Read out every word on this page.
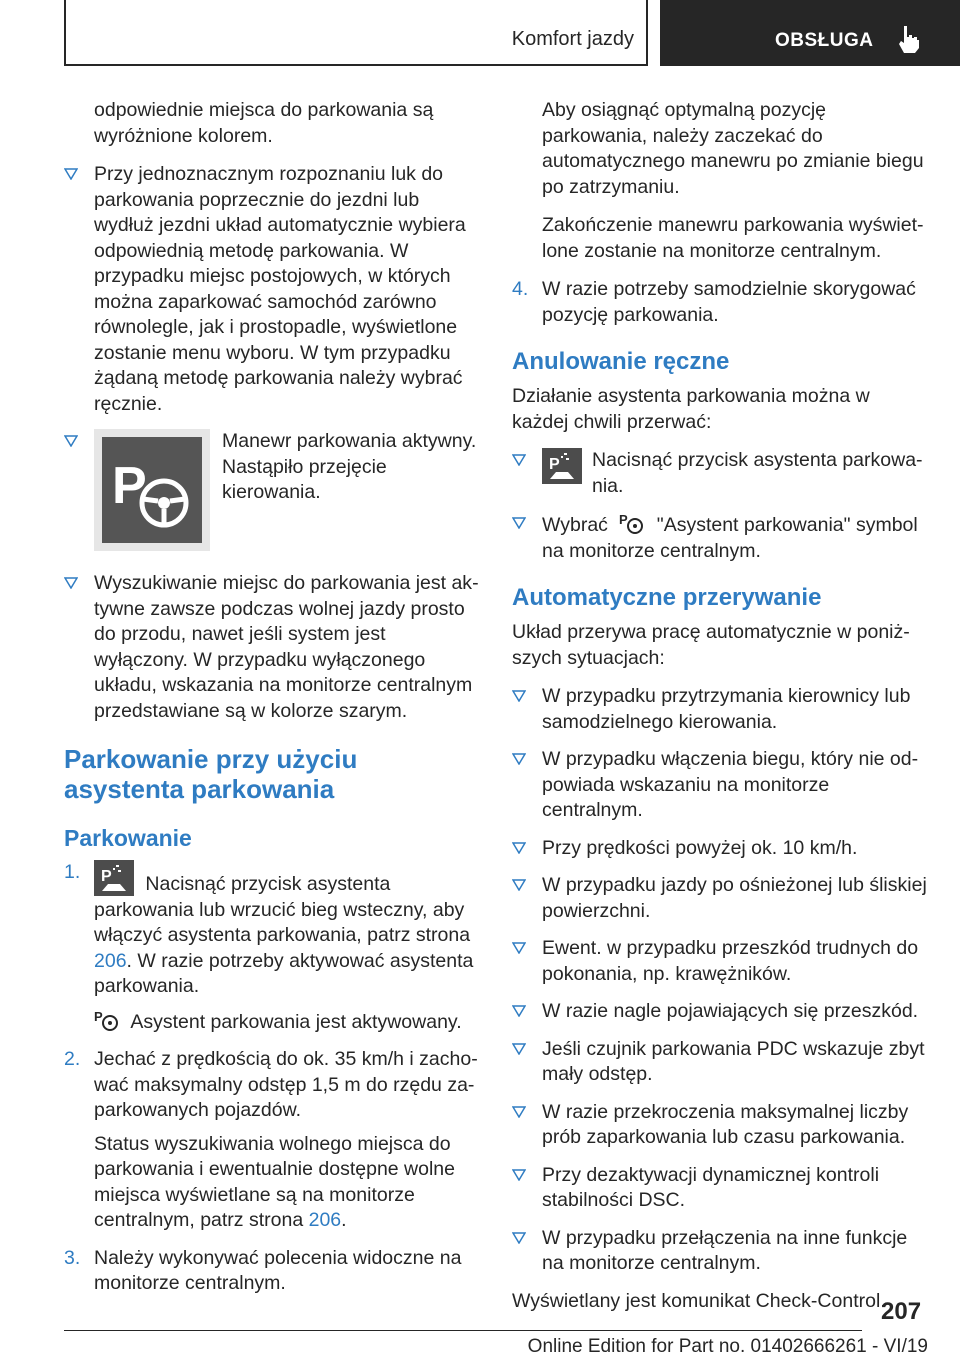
Komfort jazdy	OBSŁUGA

odpowiednie miejsca do parkowania są wyróżnione kolorem.

Przy jednoznacznym rozpoznaniu luk do parkowania poprzecznie do jezdni lub wydłuż jezdni układ automatycznie wybiera odpowiednią metodę parkowania. W przypadku miejsc postojowych, w których można zaparkować samochód zarówno równolegle, jak i prostopadle, wyświetlone zostanie menu wyboru. W tym przypadku żądaną metodę parkowania należy wybrać ręcznie.
P
Manewr parkowania aktywny. Nastąpiło przejęcie kierowania.
Wyszukiwanie miejsc do parkowania jest aktywne zawsze podczas wolnej jazdy prosto do przodu, nawet jeśli system jest wyłączony. W przypadku wyłączonego układu, wskazania na monitorze centralnym przedstawiane są w kolorze szarym.
Parkowanie przy użyciu asystenta parkowania
Parkowanie
1. P Nacisnąć przycisk asystenta parkowania lub wrzucić bieg wsteczny, aby włączyć asystenta parkowania, patrz strona 206. W razie potrzeby aktywować asystenta parkowania.
P Asystent parkowania jest aktywowany.
2. Jechać z prędkością do ok. 35 km/h i zachować maksymalny odstęp 1,5 m do rzędu zaparkowanych pojazdów.
Status wyszukiwania wolnego miejsca do parkowania i ewentualnie dostępne wolne miejsca wyświetlane są na monitorze centralnym, patrz strona 206.
3. Należy wykonywać polecenia widoczne na monitorze centralnym.

Aby osiągnąć optymalną pozycję parkowania, należy zaczekać do automatycznego manewru po zmianie biegu po zatrzymaniu.

Zakończenie manewru parkowania wyświetlone zostanie na monitorze centralnym.

4. W razie potrzeby samodzielnie skorygować pozycję parkowania.
Anulowanie ręczne

Działanie asystenta parkowania można w każdej chwili przerwać:

P Nacisnąć przycisk asystenta parkowania.
Wybrać P "Asystent parkowania" symbol na monitorze centralnym.
Automatyczne przerywanie

Układ przerywa pracę automatycznie w poniższych sytuacjach:

W przypadku przytrzymania kierownicy lub samodzielnego kierowania.
W przypadku włączenia biegu, który nie odpowiada wskazaniu na monitorze centralnym.
Przy prędkości powyżej ok. 10 km/h.
W przypadku jazdy po ośnieżonej lub śliskiej powierzchni.
Ewent. w przypadku przeszkód trudnych do pokonania, np. krawężników.
W razie nagle pojawiających się przeszkód.
Jeśli czujnik parkowania PDC wskazuje zbyt mały odstęp.
W razie przekroczenia maksymalnej liczby prób zaparkowania lub czasu parkowania.
Przy dezaktywacji dynamicznej kontroli stabilności DSC.
W przypadku przełączenia na inne funkcje na monitorze centralnym.

Wyświetlany jest komunikat Check-Control.

207
Online Edition for Part no. 01402666261 - VI/19
